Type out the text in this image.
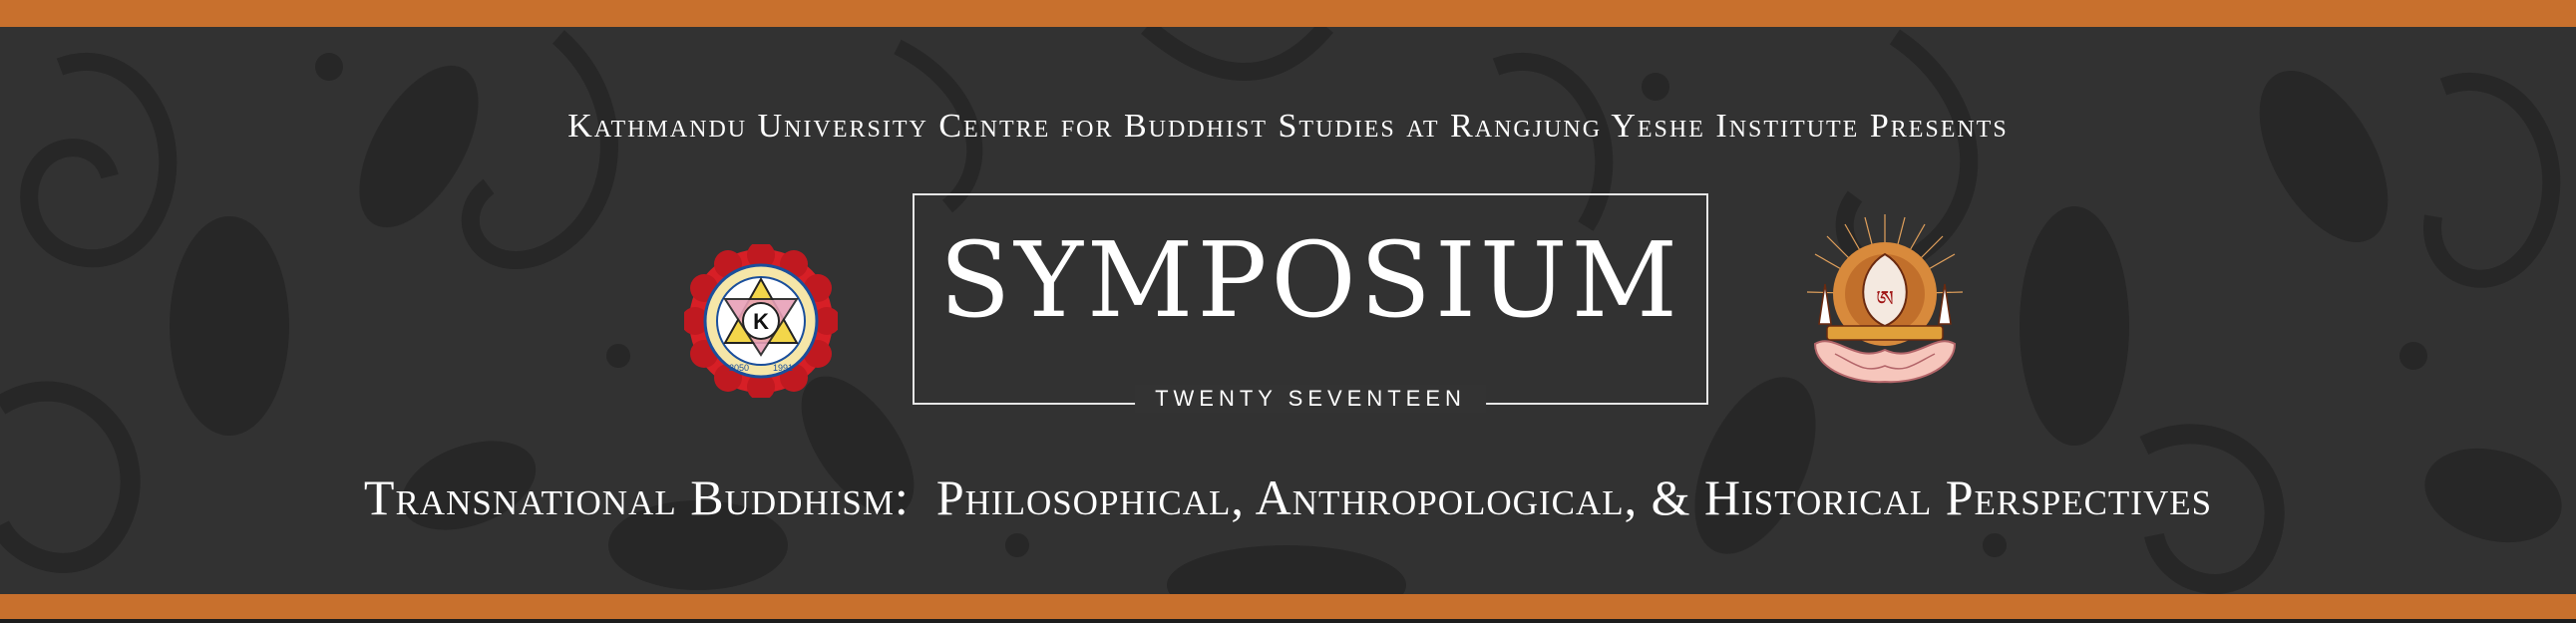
Kathmandu University Centre for Buddhist Studies at Rangjung Yeshe Institute Presents
K
2050	1991
SYMPOSIUM
TWENTY SEVENTEEN
ཨ
Transnational Buddhism:  Philosophical, Anthropological, & Historical Perspectives
